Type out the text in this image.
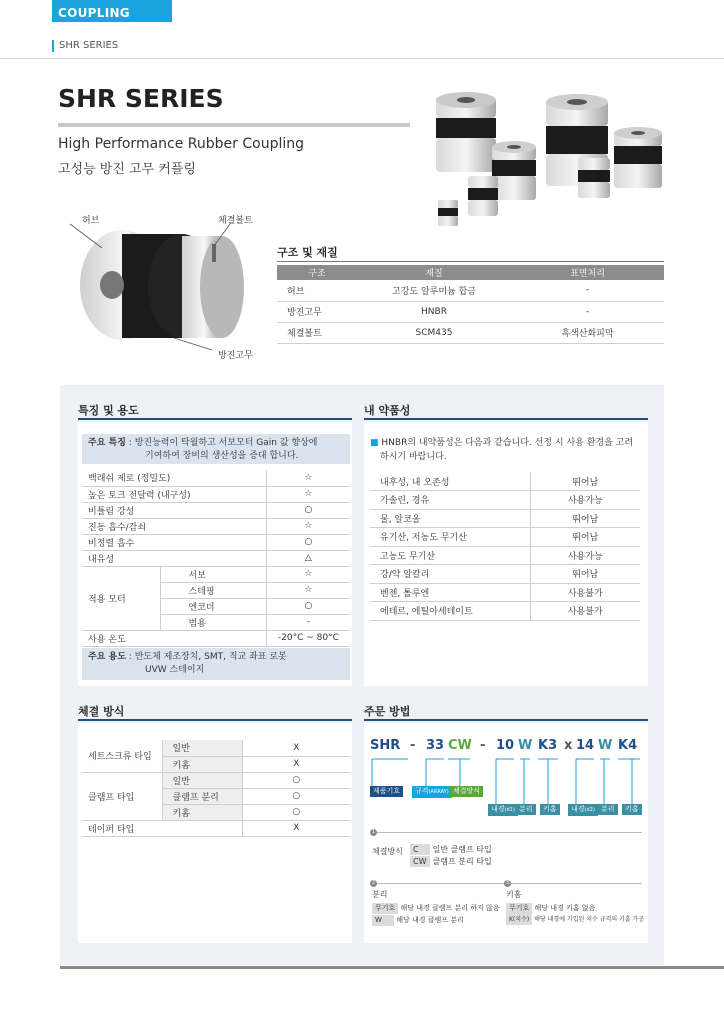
COUPLING
SHR SERIES
SHR SERIES
High Performance Rubber Coupling
고성능 방진 고무 커플링
허브	체결볼트
방진고무
구조 및 재질
구조	재질	표면처리
허브	고강도 알루미늄 합금	-
방진고무	HNBR	-
체결볼트	SCM435	흑색산화피막
특징 및 용도
주요 특징 : 방진능력이 탁월하고 서보모터 Gain 값 향상에
기여하여 장비의 생산성을 증대 합니다.
백래쉬 제로 (정밀도)		☆
높은 토크 전달력 (내구성)		☆
비틀림 강성		○
진동 흡수/감쇠		☆
비정렬 흡수		○
내유성		△
적용 모터	서보	☆
	스테핑	☆
	엔코더	○
	범용	-
사용 온도		-20°C ~ 80°C
주요 용도 : 반도체 제조장치, SMT, 직교 좌표 로봇
UVW 스테이지
내 약품성
■ HNBR의 내약품성은 다음과 같습니다. 선정 시 사용 환경을 고려
하시기 바랍니다.
내후성, 내 오존성	뛰어남
가솔린, 경유	사용가능
물, 알코올	뛰어남
유기산, 저농도 무기산	뛰어남
고농도 무기산	사용가능
강/약 알칼리	뛰어남
벤젠, 톨루엔	사용불가
에테르, 에틸아세테이트	사용불가
체결 방식
세트스크류 타입	일반	X
	키홈	X
클램프 타입	일반	○
	클램프 분리	○
	키홈	○
테이퍼 타입		X
주문 방법
SHR - 33 CW - 10 W K3 x 14 W K4
제품기호	규격(ARRAY) 체결방식
내경(d1) 분리	키홈	내경(d2) 분리	키홈
1
체결방식	C 일반 클램프 타입
CW 클램프 분리 타입
2	3
분리
무기호 해당 내경 클램프 분리 하지 않음
W 해당 내경 클램프 분리
키홈
무기호 해당 내경 키홈 없음
K(치수) 해당 내경에 기입된 치수 규격의 키홈 가공
